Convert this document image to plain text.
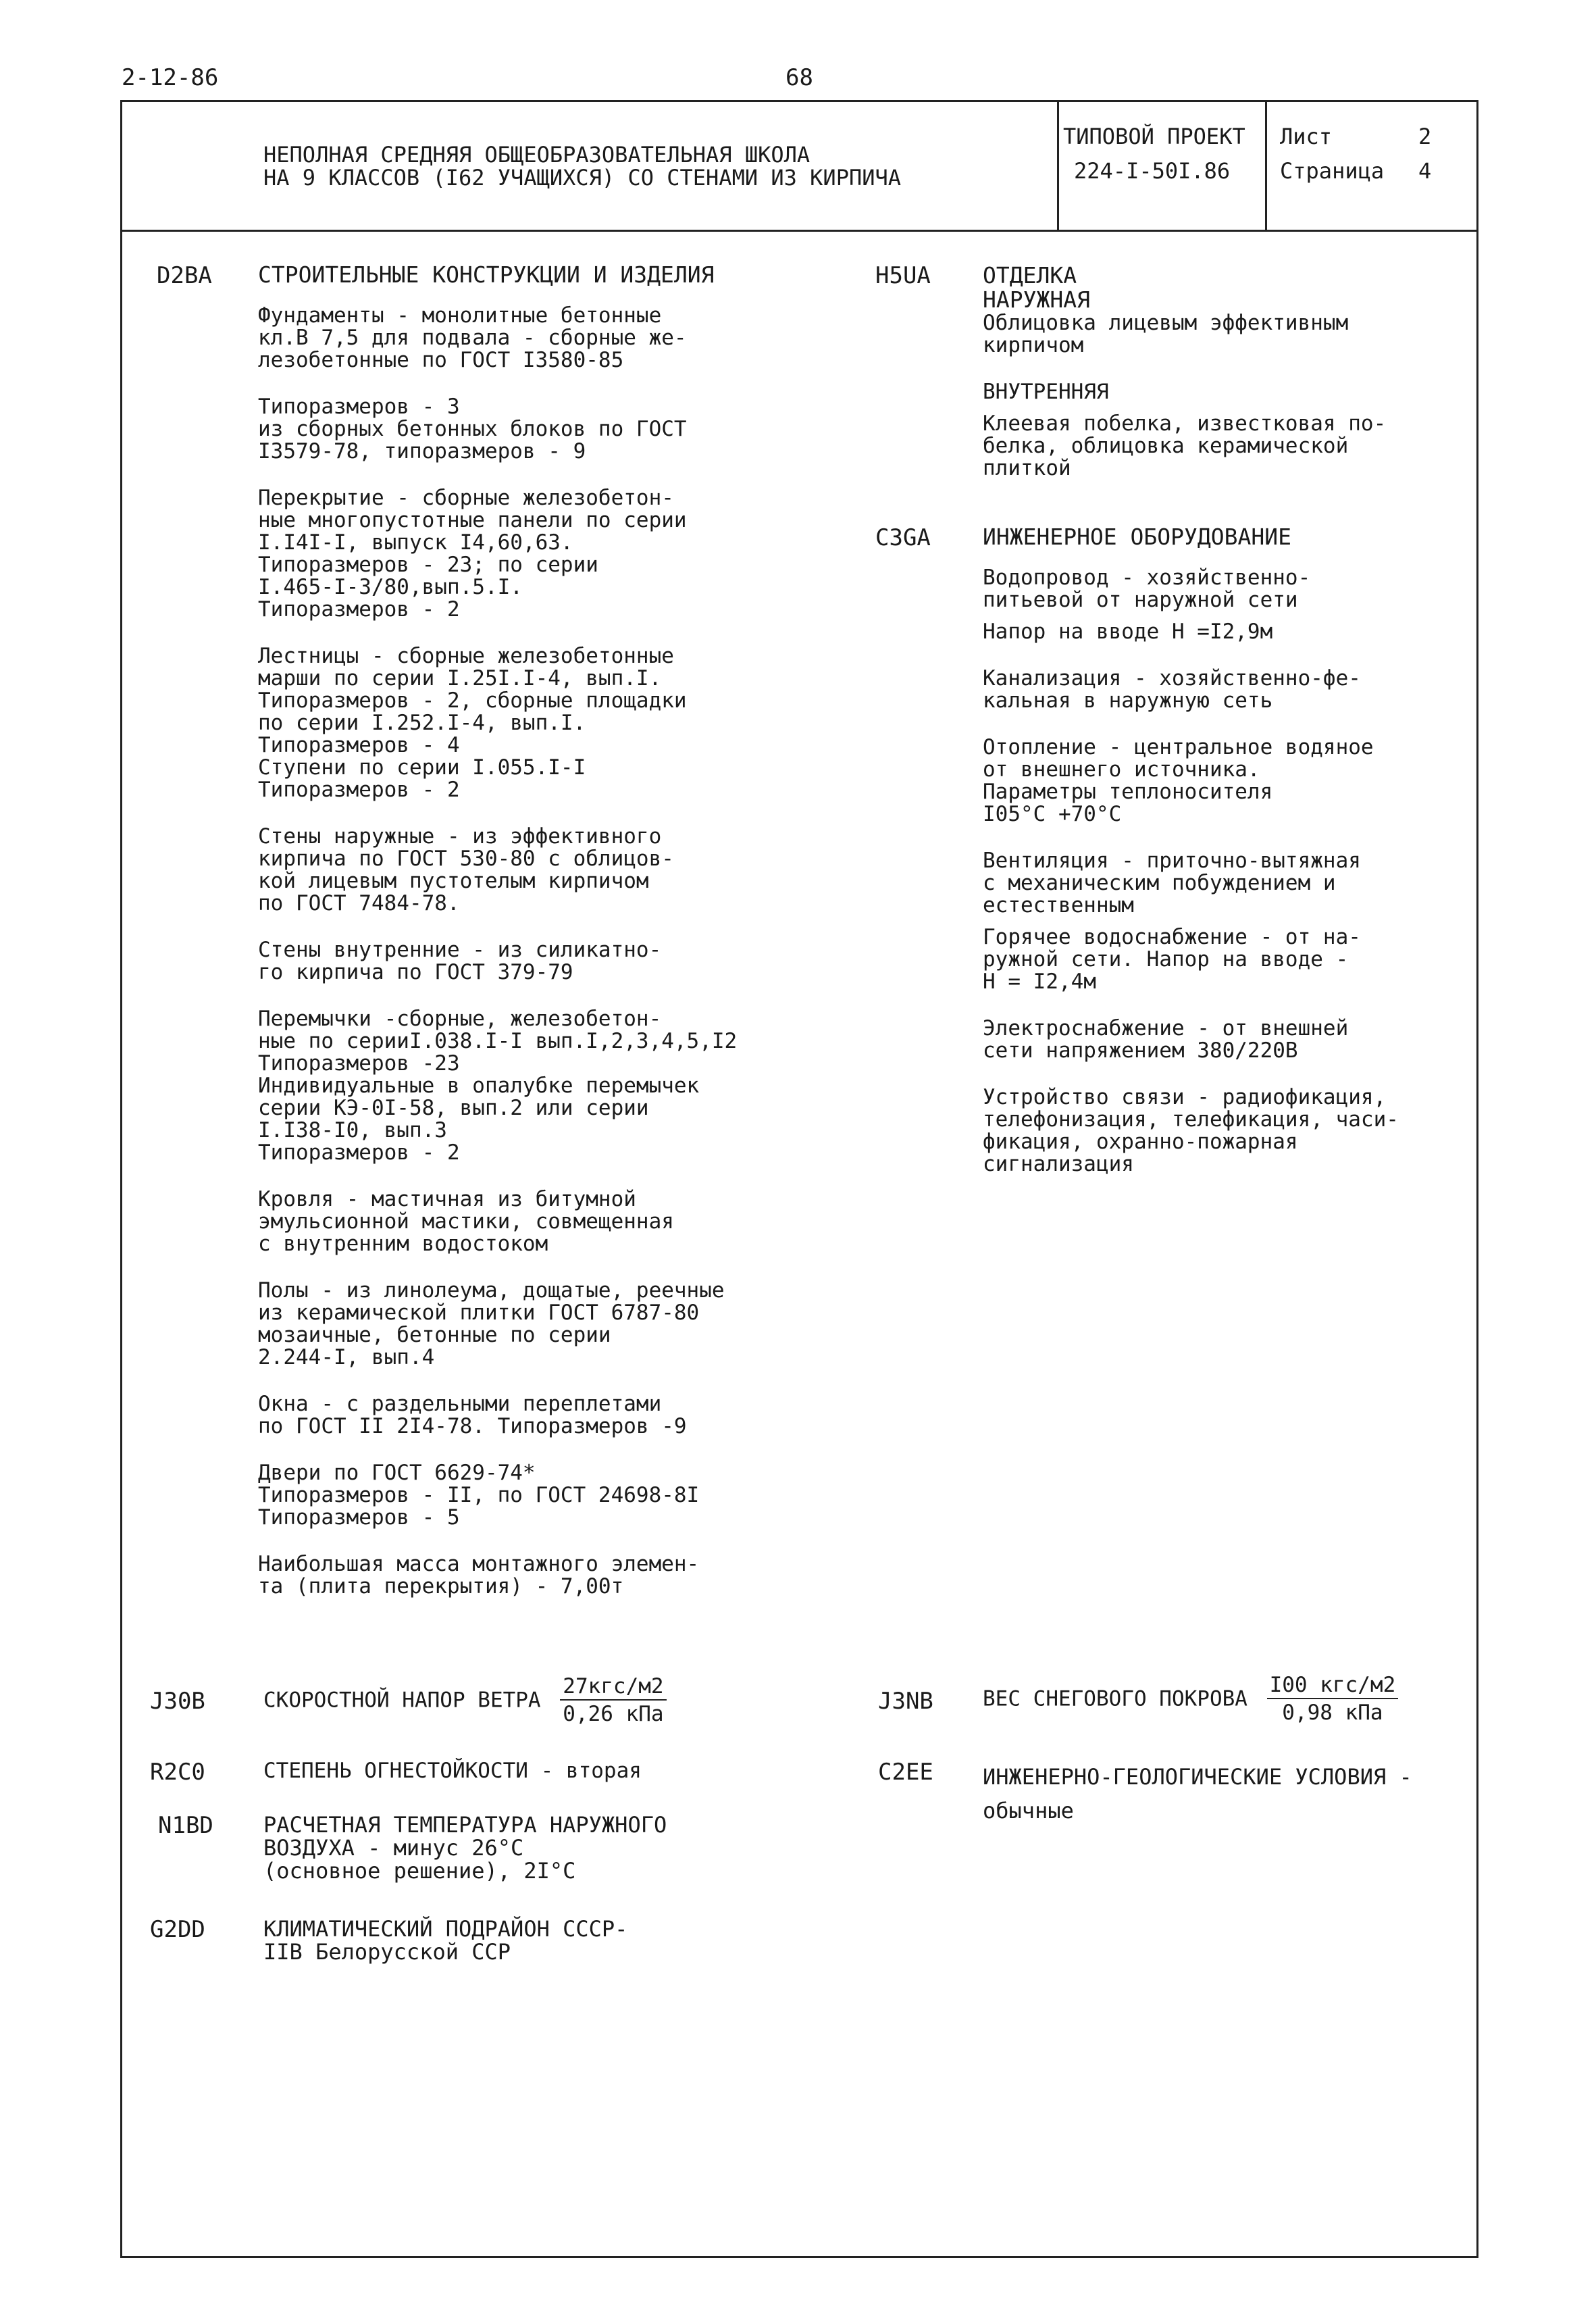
2-12-86	68
НЕПОЛНАЯ СРЕДНЯЯ ОБЩЕОБРАЗОВАТЕЛЬНАЯ ШКОЛА
НА 9 КЛАССОВ (I62 УЧАЩИХСЯ) СО СТЕНАМИ ИЗ КИРПИЧА
ТИПОВОЙ ПРОЕКТ
224-I-50I.86
Лист	2
Страница 4
D2BA СТРОИТЕЛЬНЫЕ КОНСТРУКЦИИ И ИЗДЕЛИЯ
Фундаменты - монолитные бетонные
кл.В 7,5 для подвала - сборные же-
лезобетонные по ГОСТ I3580-85
Типоразмеров - 3
из сборных бетонных блоков по ГОСТ
I3579-78, типоразмеров - 9
Перекрытие - сборные железобетон-
ные многопустотные панели по серии
I.I4I-I, выпуск I4,60,63.
Типоразмеров - 23; по серии
I.465-I-3/80,вып.5.I.
Типоразмеров - 2
Лестницы - сборные железобетонные
марши по серии I.25I.I-4, вып.I.
Типоразмеров - 2, сборные площадки
по серии I.252.I-4, вып.I.
Типоразмеров - 4
Ступени по серии I.055.I-I
Типоразмеров - 2
Стены наружные - из эффективного
кирпича по ГОСТ 530-80 с облицов-
кой лицевым пустотелым кирпичом
по ГОСТ 7484-78.
Стены внутренние - из силикатно-
го кирпича по ГОСТ 379-79
Перемычки -сборные, железобетон-
ные по серииI.038.I-I вып.I,2,3,4,5,I2
Типоразмеров -23
Индивидуальные в опалубке перемычек
серии КЭ-0I-58, вып.2 или серии
I.I38-I0, вып.3
Типоразмеров - 2
Кровля - мастичная из битумной
эмульсионной мастики, совмещенная
с внутренним водостоком
Полы - из линолеума, дощатые, реечные
из керамической плитки ГОСТ 6787-80
мозаичные, бетонные по серии
2.244-I, вып.4
Окна - с раздельными переплетами
по ГОСТ II 2I4-78. Типоразмеров -9
Двери по ГОСТ 6629-74*
Типоразмеров - II, по ГОСТ 24698-8I
Типоразмеров - 5
Наибольшая масса монтажного элемен-
та (плита перекрытия) - 7,00т
H5UA ОТДЕЛКА
НАРУЖНАЯ
Облицовка лицевым эффективным
кирпичом
ВНУТРЕННЯЯ
Клеевая побелка, известковая по-
белка, облицовка керамической
плиткой
C3GA ИНЖЕНЕРНОЕ ОБОРУДОВАНИЕ
Водопровод - хозяйственно-
питьевой от наружной сети
Напор на вводе Н =I2,9м
Канализация - хозяйственно-фе-
кальная в наружную сеть
Отопление - центральное водяное
от внешнего источника.
Параметры теплоносителя
I05°С +70°С
Вентиляция - приточно-вытяжная
с механическим побуждением и
естественным
Горячее водоснабжение - от на-
ружной сети. Напор на вводе -
Н = I2,4м
Электроснабжение - от внешней
сети напряжением 380/220В
Устройство связи - радиофикация,
телефонизация, телефикация, часи-
фикация, охранно-пожарная
сигнализация
J30B	СКОРОСТНОЙ НАПОР ВЕТРА $\frac{\text{27кгс/м2}}{\text{0,26 кПа}}$
R2C0	СТЕПЕНЬ ОГНЕСТОЙКОСТИ - вторая
N1BD РАСЧЕТНАЯ ТЕМПЕРАТУРА НАРУЖНОГО
ВОЗДУХА - минус 26°С
(основное решение), 2I°С
G2DD	КЛИМАТИЧЕСКИЙ ПОДРАЙОН СССР-
IIВ Белорусской ССР
J3NB ВЕС СНЕГОВОГО ПОКРОВА $\frac{\text{I00 кгс/м2}}{\text{0,98 кПа}}$
C2EE ИНЖЕНЕРНО-ГЕОЛОГИЧЕСКИЕ УСЛОВИЯ -
обычные
